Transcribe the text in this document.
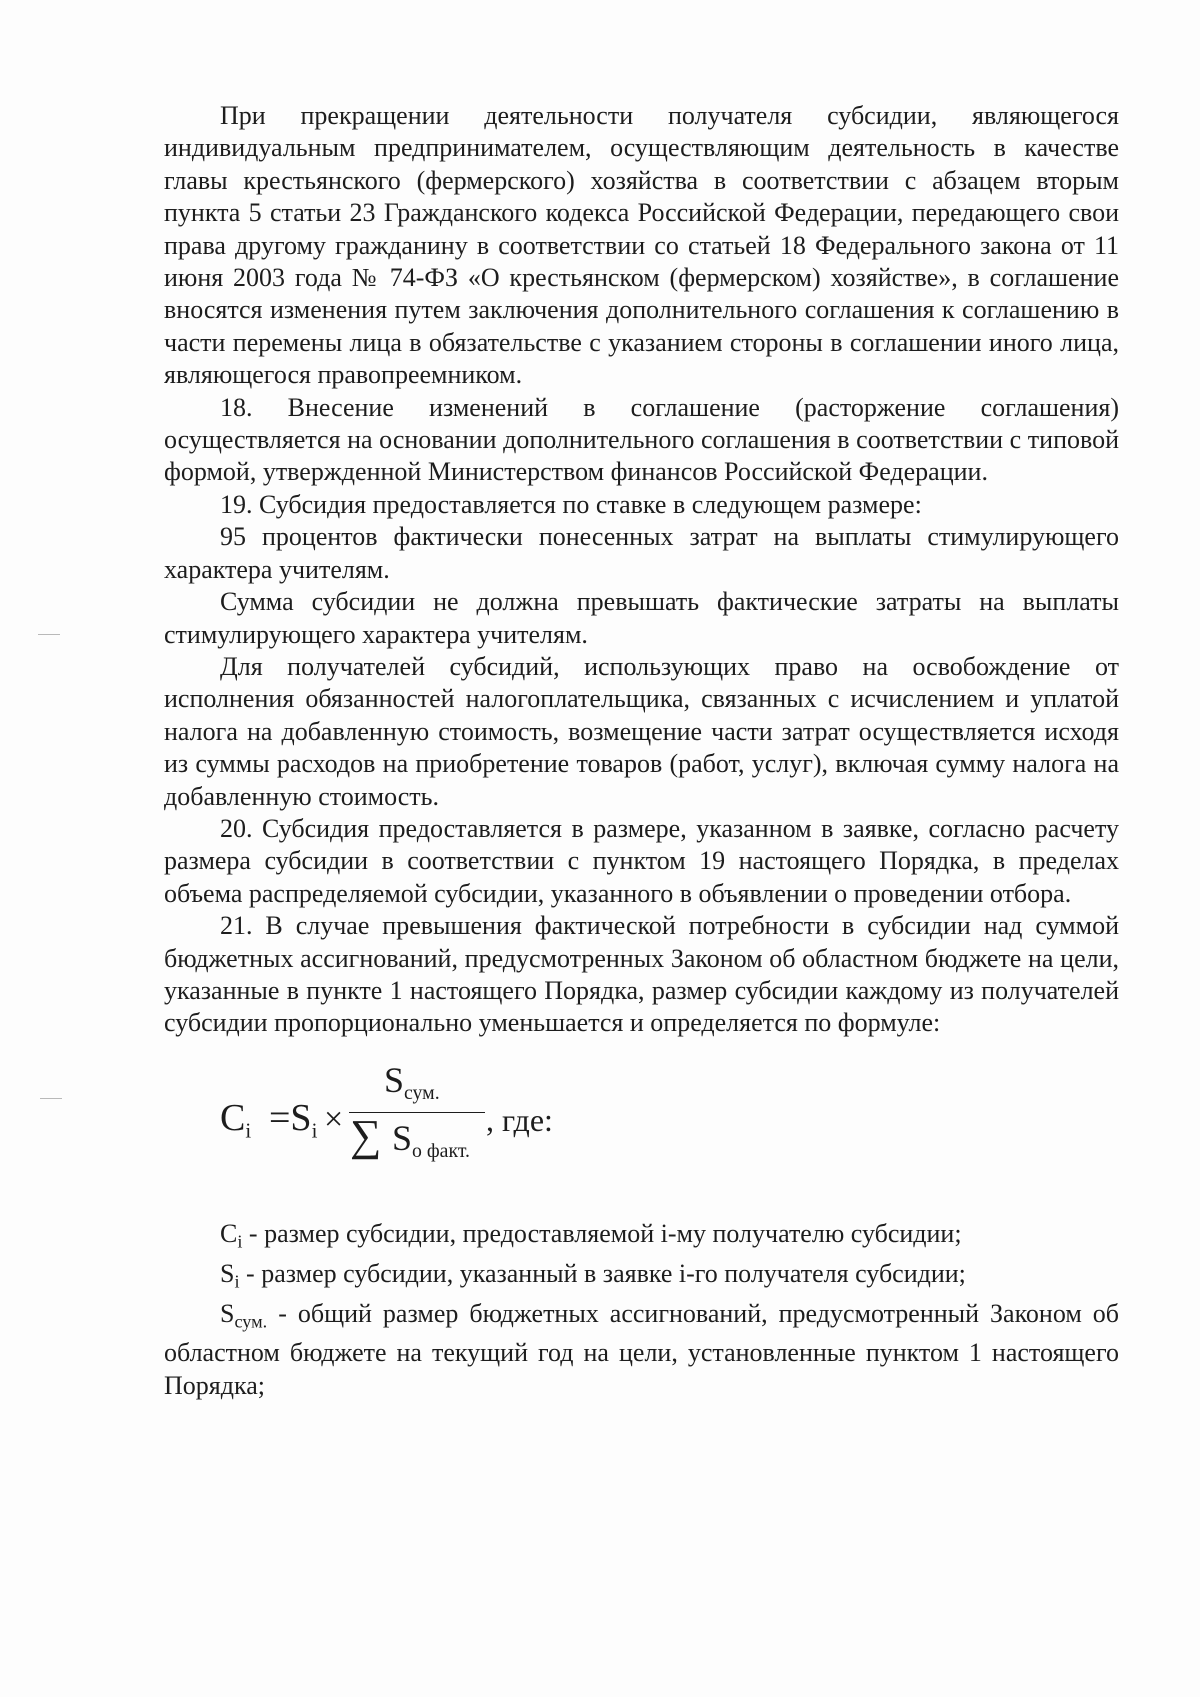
При прекращении деятельности получателя субсидии, являющегося индивидуальным предпринимателем, осуществляющим деятельность в качестве главы крестьянского (фермерского) хозяйства в соответствии с абзацем вторым пункта 5 статьи 23 Гражданского кодекса Российской Федерации, передающего свои права другому гражданину в соответствии со статьей 18 Федерального закона от 11 июня 2003 года № 74-ФЗ «О крестьянском (фермерском) хозяйстве», в соглашение вносятся изменения путем заключения дополнительного соглашения к соглашению в части перемены лица в обязательстве с указанием стороны в соглашении иного лица, являющегося правопреемником.

18. Внесение изменений в соглашение (расторжение соглашения) осуществляется на основании дополнительного соглашения в соответствии с типовой формой, утвержденной Министерством финансов Российской Федерации.

19. Субсидия предоставляется по ставке в следующем размере:

95 процентов фактически понесенных затрат на выплаты стимулирующего характера учителям.

Сумма субсидии не должна превышать фактические затраты на выплаты стимулирующего характера учителям.

Для получателей субсидий, использующих право на освобождение от исполнения обязанностей налогоплательщика, связанных с исчислением и уплатой налога на добавленную стоимость, возмещение части затрат осуществляется исходя из суммы расходов на приобретение товаров (работ, услуг), включая сумму налога на добавленную стоимость.

20. Субсидия предоставляется в размере, указанном в заявке, согласно расчету размера субсидии в соответствии с пунктом 19 настоящего Порядка, в пределах объема распределяемой субсидии, указанного в объявлении о проведении отбора.

21. В случае превышения фактической потребности в субсидии над суммой бюджетных ассигнований, предусмотренных Законом об областном бюджете на цели, указанные в пункте 1 настоящего Порядка, размер субсидии каждому из получателей субсидии пропорционально уменьшается и определяется по формуле:

$C_i =S_i$ ×
$S_{сум.}$
∑ $S_{о факт.}$
, где:

$C_i$ - размер субсидии, предоставляемой i-му получателю субсидии;

$S_i$ - размер субсидии, указанный в заявке i-го получателя субсидии;

$S_{сум.}$ - общий размер бюджетных ассигнований, предусмотренный Законом об областном бюджете на текущий год на цели, установленные пунктом 1 настоящего Порядка;
